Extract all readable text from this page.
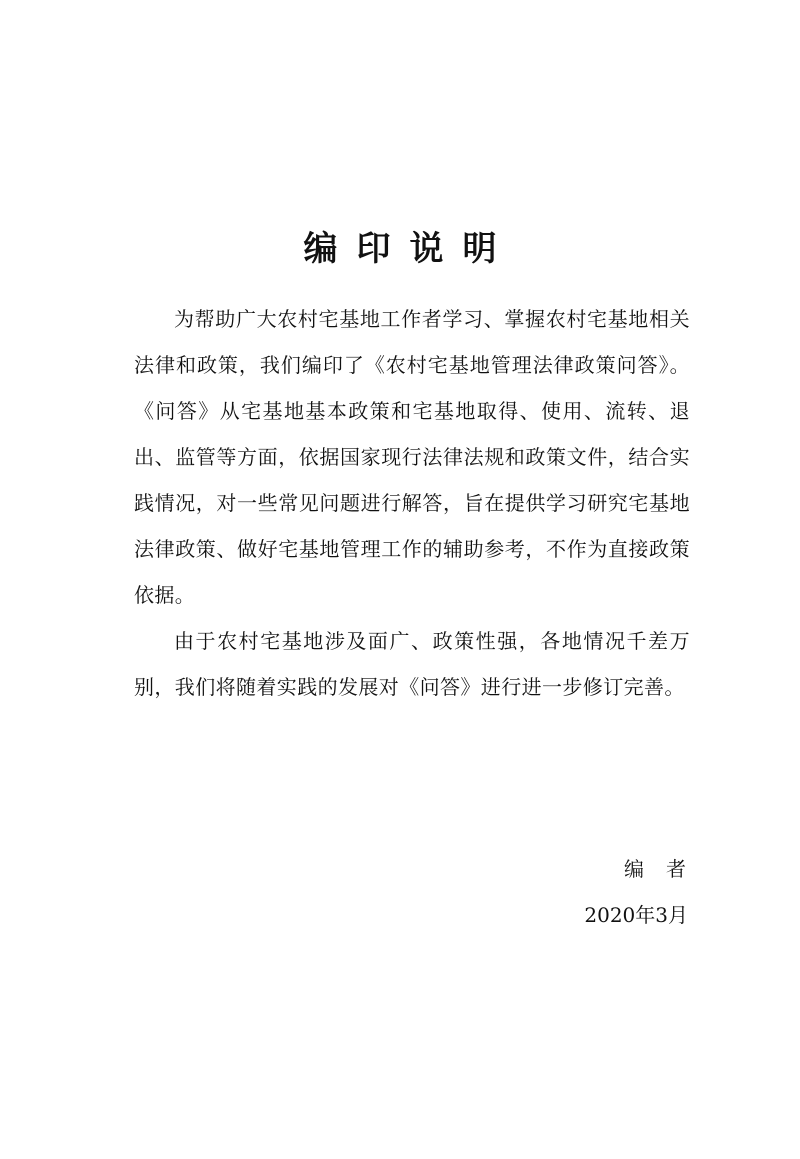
编印说明

为帮助广大农村宅基地工作者学习、掌握农村宅基地相关法律和政策，我们编印了《农村宅基地管理法律政策问答》。《问答》从宅基地基本政策和宅基地取得、使用、流转、退出、监管等方面，依据国家现行法律法规和政策文件，结合实践情况，对一些常见问题进行解答，旨在提供学习研究宅基地法律政策、做好宅基地管理工作的辅助参考，不作为直接政策依据。

由于农村宅基地涉及面广、政策性强，各地情况千差万别，我们将随着实践的发展对《问答》进行进一步修订完善。

编者
2020年3月
